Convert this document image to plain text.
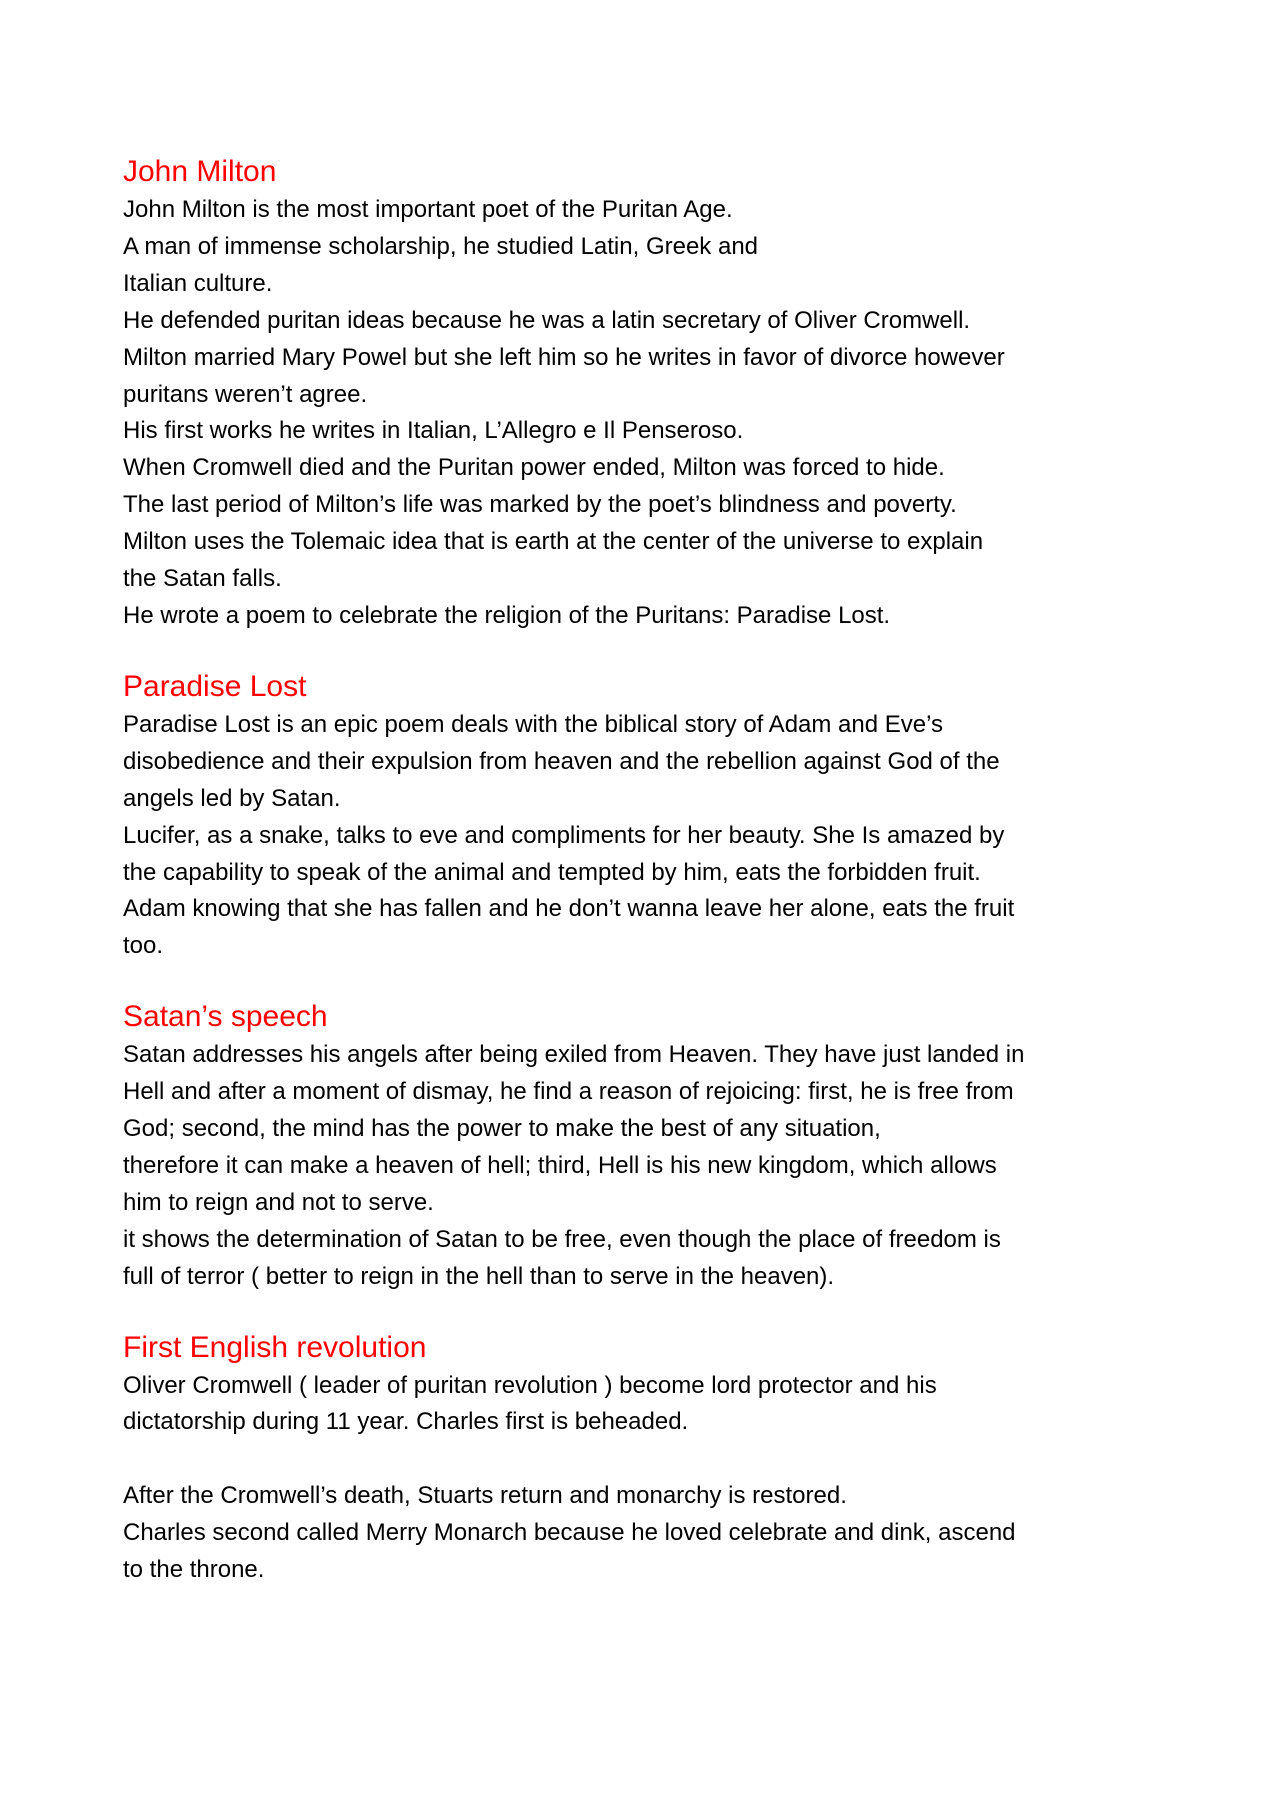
John Milton
John Milton is the most important poet of the Puritan Age.
A man of immense scholarship, he studied Latin, Greek and
Italian culture.
He defended puritan ideas because he was a latin secretary of Oliver Cromwell.
Milton married Mary Powel but she left him so he writes in favor of divorce however
puritans weren’t agree.
His first works he writes in Italian, L’Allegro e Il Penseroso.
When Cromwell died and the Puritan power ended, Milton was forced to hide.
The last period of Milton’s life was marked by the poet’s blindness and poverty.
Milton uses the Tolemaic idea that is earth at the center of the universe to explain
the Satan falls.
He wrote a poem to celebrate the religion of the Puritans: Paradise Lost.
Paradise Lost
Paradise Lost is an epic poem deals with the biblical story of Adam and Eve’s
disobedience and their expulsion from heaven and the rebellion against God of the
angels led by Satan.
Lucifer, as a snake, talks to eve and compliments for her beauty. She Is amazed by
the capability to speak of the animal and tempted by him, eats the forbidden fruit.
Adam knowing that she has fallen and he don’t wanna leave her alone, eats the fruit
too.
Satan’s speech
Satan addresses his angels after being exiled from Heaven. They have just landed in
Hell and after a moment of dismay, he find a reason of rejoicing: first, he is free from
God; second, the mind has the power to make the best of any situation,
therefore it can make a heaven of hell; third, Hell is his new kingdom, which allows
him to reign and not to serve.
it shows the determination of Satan to be free, even though the place of freedom is
full of terror ( better to reign in the hell than to serve in the heaven).
First English revolution
Oliver Cromwell ( leader of puritan revolution ) become lord protector and his
dictatorship during 11 year. Charles first is beheaded.
After the Cromwell’s death, Stuarts return and monarchy is restored.
Charles second called Merry Monarch because he loved celebrate and dink, ascend
to the throne.
